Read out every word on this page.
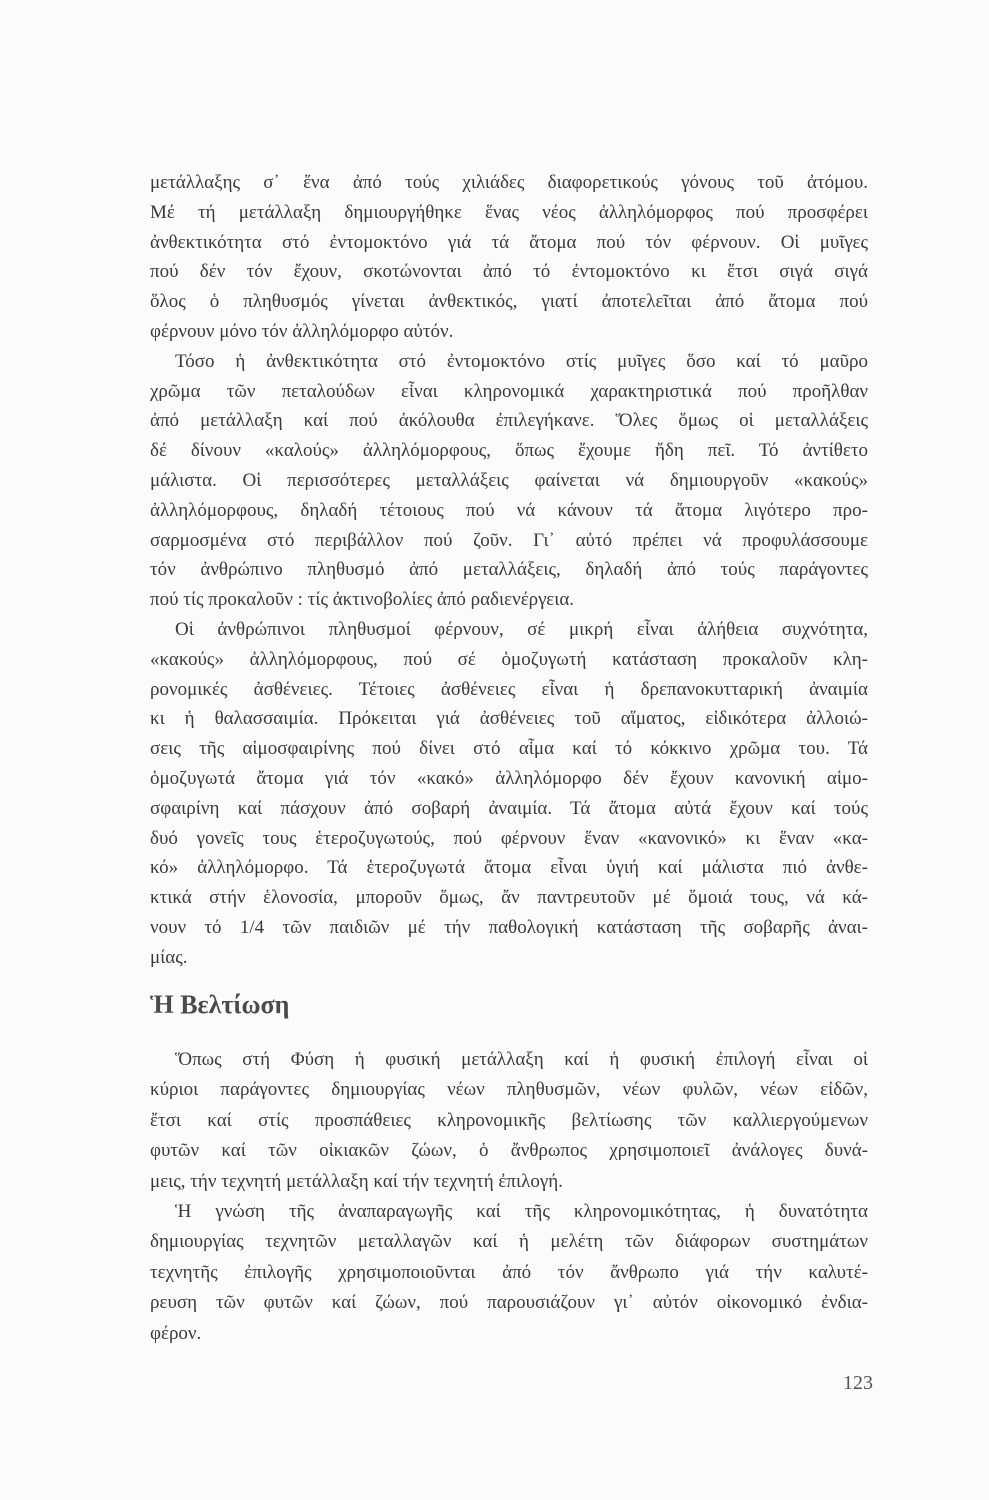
μετάλλαξης σ᾽ ἕνα ἀπό τούς χιλιάδες διαφορετικούς γόνους τοῦ ἀτόμου.
Μέ τή μετάλλαξη δημιουργήθηκε ἕνας νέος ἀλληλόμορφος πού προσφέρει
ἀνθεκτικότητα στό ἐντομοκτόνο γιά τά ἄτομα πού τόν φέρνουν. Οἱ μυῖγες
πού δέν τόν ἔχουν, σκοτώνονται ἀπό τό ἐντομοκτόνο κι ἔτσι σιγά σιγά
ὅλος ὁ πληθυσμός γίνεται ἀνθεκτικός, γιατί ἀποτελεῖται ἀπό ἄτομα πού
φέρνουν μόνο τόν ἀλληλόμορφο αὐτόν.
Τόσο ἡ ἀνθεκτικότητα στό ἐντομοκτόνο στίς μυῖγες ὅσο καί τό μαῦρο
χρῶμα τῶν πεταλούδων εἶναι κληρονομικά χαρακτηριστικά πού προῆλθαν
ἀπό μετάλλαξη καί πού ἀκόλουθα ἐπιλεγήκανε. Ὅλες ὅμως οἱ μεταλλάξεις
δέ δίνουν «καλούς» ἀλληλόμορφους, ὅπως ἔχουμε ἤδη πεῖ. Τό ἀντίθετο
μάλιστα. Οἱ περισσότερες μεταλλάξεις φαίνεται νά δημιουργοῦν «κακούς»
ἀλληλόμορφους, δηλαδή τέτοιους πού νά κάνουν τά ἄτομα λιγότερο προ-
σαρμοσμένα στό περιβάλλον πού ζοῦν. Γι᾽ αὐτό πρέπει νά προφυλάσσουμε
τόν ἀνθρώπινο πληθυσμό ἀπό μεταλλάξεις, δηλαδή ἀπό τούς παράγοντες
πού τίς προκαλοῦν : τίς ἀκτινοβολίες ἀπό ραδιενέργεια.
Οἱ ἀνθρώπινοι πληθυσμοί φέρνουν, σέ μικρή εἶναι ἀλήθεια συχνότητα,
«κακούς» ἀλληλόμορφους, πού σέ ὁμοζυγωτή κατάσταση προκαλοῦν κλη-
ρονομικές ἀσθένειες. Τέτοιες ἀσθένειες εἶναι ἡ δρεπανοκυτταρική ἀναιμία
κι ἡ θαλασσαιμία. Πρόκειται γιά ἀσθένειες τοῦ αἵματος, εἰδικότερα ἀλλοιώ-
σεις τῆς αἱμοσφαιρίνης πού δίνει στό αἷμα καί τό κόκκινο χρῶμα του. Τά
ὁμοζυγωτά ἄτομα γιά τόν «κακό» ἀλληλόμορφο δέν ἔχουν κανονική αἱμο-
σφαιρίνη καί πάσχουν ἀπό σοβαρή ἀναιμία. Τά ἄτομα αὐτά ἔχουν καί τούς
δυό γονεῖς τους ἑτεροζυγωτούς, πού φέρνουν ἕναν «κανονικό» κι ἕναν «κα-
κό» ἀλληλόμορφο. Τά ἑτεροζυγωτά ἄτομα εἶναι ὑγιή καί μάλιστα πιό ἀνθε-
κτικά στήν ἑλονοσία, μποροῦν ὅμως, ἄν παντρευτοῦν μέ ὅμοιά τους, νά κά-
νουν τό 1/4 τῶν παιδιῶν μέ τήν παθολογική κατάσταση τῆς σοβαρῆς ἀναι-
μίας.
Ἡ Βελτίωση
Ὅπως στή Φύση ἡ φυσική μετάλλαξη καί ἡ φυσική ἐπιλογή εἶναι οἱ
κύριοι παράγοντες δημιουργίας νέων πληθυσμῶν, νέων φυλῶν, νέων εἰδῶν,
ἔτσι καί στίς προσπάθειες κληρονομικῆς βελτίωσης τῶν καλλιεργούμενων
φυτῶν καί τῶν οἰκιακῶν ζώων, ὁ ἄνθρωπος χρησιμοποιεῖ ἀνάλογες δυνά-
μεις, τήν τεχνητή μετάλλαξη καί τήν τεχνητή ἐπιλογή.
Ἡ γνώση τῆς ἀναπαραγωγῆς καί τῆς κληρονομικότητας, ἡ δυνατότητα
δημιουργίας τεχνητῶν μεταλλαγῶν καί ἡ μελέτη τῶν διάφορων συστημάτων
τεχνητῆς ἐπιλογῆς χρησιμοποιοῦνται ἀπό τόν ἄνθρωπο γιά τήν καλυτέ-
ρευση τῶν φυτῶν καί ζώων, πού παρουσιάζουν γι᾽ αὐτόν οἰκονομικό ἐνδια-
φέρον.
123
